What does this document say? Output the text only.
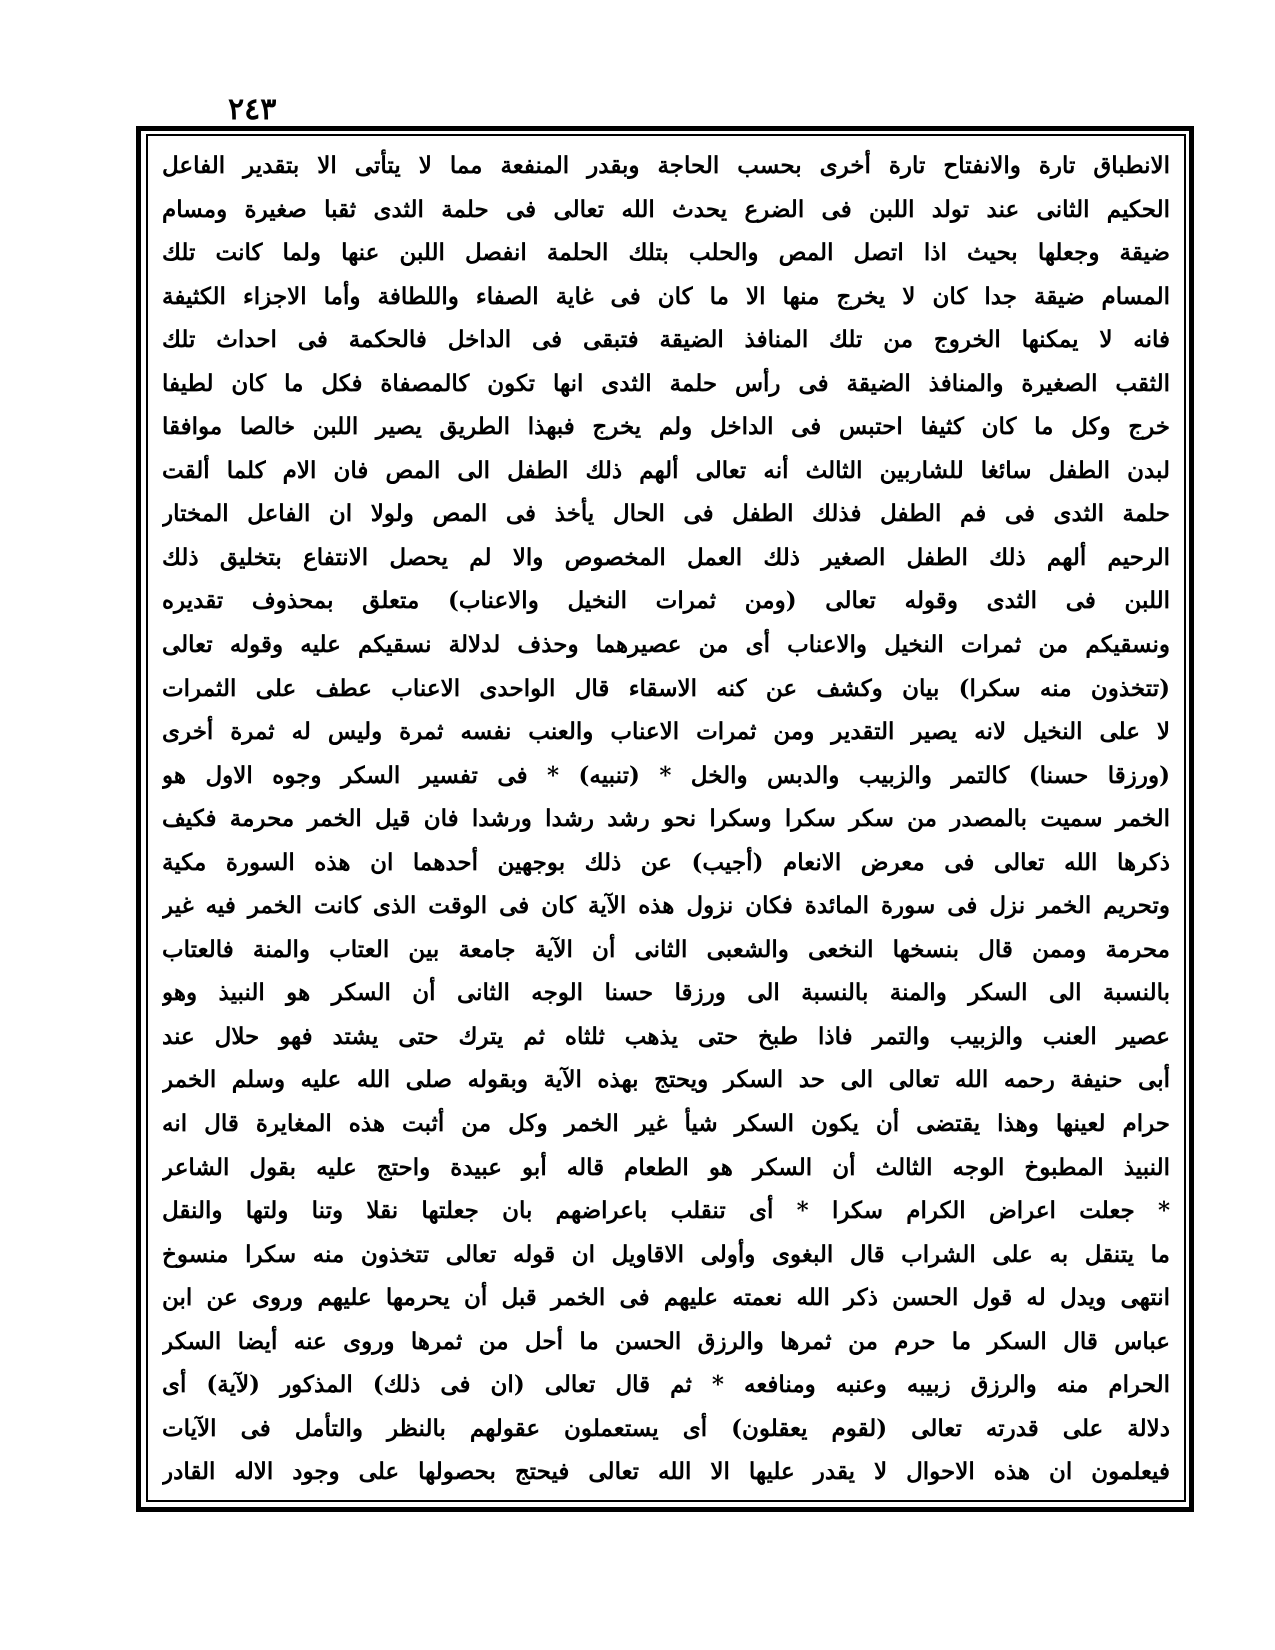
٢٤٣
الانطباق تارة والانفتاح تارة أخرى بحسب الحاجة وبقدر المنفعة مما لا يتأتى الا بتقدير الفاعل
الحكيم الثانى عند تولد اللبن فى الضرع يحدث الله تعالى فى حلمة الثدى ثقبا صغيرة ومسام
ضيقة وجعلها بحيث اذا اتصل المص والحلب بتلك الحلمة انفصل اللبن عنها ولما كانت تلك
المسام ضيقة جدا كان لا يخرج منها الا ما كان فى غاية الصفاء واللطافة وأما الاجزاء الكثيفة
فانه لا يمكنها الخروج من تلك المنافذ الضيقة فتبقى فى الداخل فالحكمة فى احداث تلك
الثقب الصغيرة والمنافذ الضيقة فى رأس حلمة الثدى انها تكون كالمصفاة فكل ما كان لطيفا
خرج وكل ما كان كثيفا احتبس فى الداخل ولم يخرج فبهذا الطريق يصير اللبن خالصا موافقا
لبدن الطفل سائغا للشاربين الثالث أنه تعالى ألهم ذلك الطفل الى المص فان الام كلما ألقت
حلمة الثدى فى فم الطفل فذلك الطفل فى الحال يأخذ فى المص ولولا ان الفاعل المختار
الرحيم ألهم ذلك الطفل الصغير ذلك العمل المخصوص والا لم يحصل الانتفاع بتخليق ذلك
اللبن فى الثدى وقوله تعالى (ومن ثمرات النخيل والاعناب) متعلق بمحذوف تقديره
ونسقيكم من ثمرات النخيل والاعناب أى من عصيرهما وحذف لدلالة نسقيكم عليه وقوله تعالى
(تتخذون منه سكرا) بيان وكشف عن كنه الاسقاء قال الواحدى الاعناب عطف على الثمرات
لا على النخيل لانه يصير التقدير ومن ثمرات الاعناب والعنب نفسه ثمرة وليس له ثمرة أخرى
(ورزقا حسنا) كالتمر والزبيب والدبس والخل * (تنبيه) * فى تفسير السكر وجوه الاول هو
الخمر سميت بالمصدر من سكر سكرا وسكرا نحو رشد رشدا ورشدا فان قيل الخمر محرمة فكيف
ذكرها الله تعالى فى معرض الانعام (أجيب) عن ذلك بوجهين أحدهما ان هذه السورة مكية
وتحريم الخمر نزل فى سورة المائدة فكان نزول هذه الآية كان فى الوقت الذى كانت الخمر فيه غير
محرمة وممن قال بنسخها النخعى والشعبى الثانى أن الآية جامعة بين العتاب والمنة فالعتاب
بالنسبة الى السكر والمنة بالنسبة الى ورزقا حسنا الوجه الثانى أن السكر هو النبيذ وهو
عصير العنب والزبيب والتمر فاذا طبخ حتى يذهب ثلثاه ثم يترك حتى يشتد فهو حلال عند
أبى حنيفة رحمه الله تعالى الى حد السكر ويحتج بهذه الآية وبقوله صلى الله عليه وسلم الخمر
حرام لعينها وهذا يقتضى أن يكون السكر شيأ غير الخمر وكل من أثبت هذه المغايرة قال انه
النبيذ المطبوخ الوجه الثالث أن السكر هو الطعام قاله أبو عبيدة واحتج عليه بقول الشاعر
* جعلت اعراض الكرام سكرا * أى تنقلب باعراضهم بان جعلتها نقلا وتنا ولتها والنقل
ما يتنقل به على الشراب قال البغوى وأولى الاقاويل ان قوله تعالى تتخذون منه سكرا منسوخ
انتهى ويدل له قول الحسن ذكر الله نعمته عليهم فى الخمر قبل أن يحرمها عليهم وروى عن ابن
عباس قال السكر ما حرم من ثمرها والرزق الحسن ما أحل من ثمرها وروى عنه أيضا السكر
الحرام منه والرزق زبيبه وعنبه ومنافعه * ثم قال تعالى (ان فى ذلك) المذكور (لآية) أى
دلالة على قدرته تعالى (لقوم يعقلون) أى يستعملون عقولهم بالنظر والتأمل فى الآيات
فيعلمون ان هذه الاحوال لا يقدر عليها الا الله تعالى فيحتج بحصولها على وجود الاله القادر
